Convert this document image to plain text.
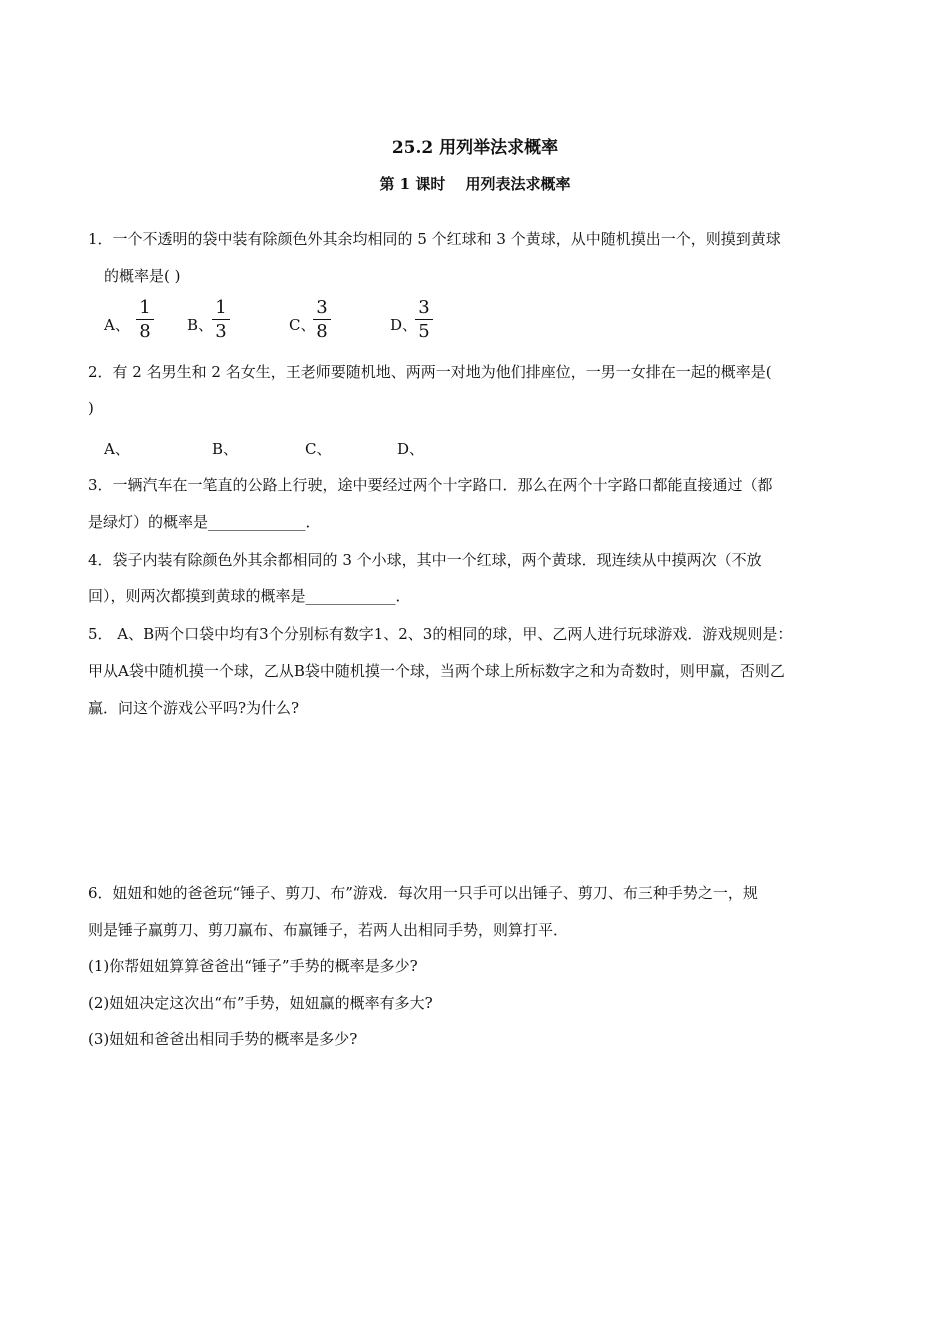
25.2 用列举法求概率
第 1 课时　 用列表法求概率
1．一个不透明的袋中装有除颜色外其余均相同的 5 个红球和 3 个黄球，从中随机摸出一个，则摸到黄球
的概率是( )
A、
1
8	B、
1
3	C、
3
8	D、
3
5
2．有 2 名男生和 2 名女生，王老师要随机地、两两一对地为他们排座位，一男一女排在一起的概率是(
)
A、	B、	C、	D、
3．一辆汽车在一笔直的公路上行驶，途中要经过两个十字路口．那么在两个十字路口都能直接通过（都
是绿灯）的概率是_____________．
4．袋子内装有除颜色外其余都相同的 3 个小球，其中一个红球，两个黄球．现连续从中摸两次（不放
回），则两次都摸到黄球的概率是____________．
5． A、B两个口袋中均有3个分别标有数字1、2、3的相同的球，甲、乙两人进行玩球游戏．游戏规则是：
甲从A袋中随机摸一个球，乙从B袋中随机摸一个球，当两个球上所标数字之和为奇数时，则甲赢，否则乙
赢．问这个游戏公平吗?为什么?
6．妞妞和她的爸爸玩“锤子、剪刀、布”游戏．每次用一只手可以出锤子、剪刀、布三种手势之一，规
则是锤子赢剪刀、剪刀赢布、布赢锤子，若两人出相同手势，则算打平．
(1)你帮妞妞算算爸爸出“锤子”手势的概率是多少?
(2)妞妞决定这次出“布”手势，妞妞赢的概率有多大?
(3)妞妞和爸爸出相同手势的概率是多少?
